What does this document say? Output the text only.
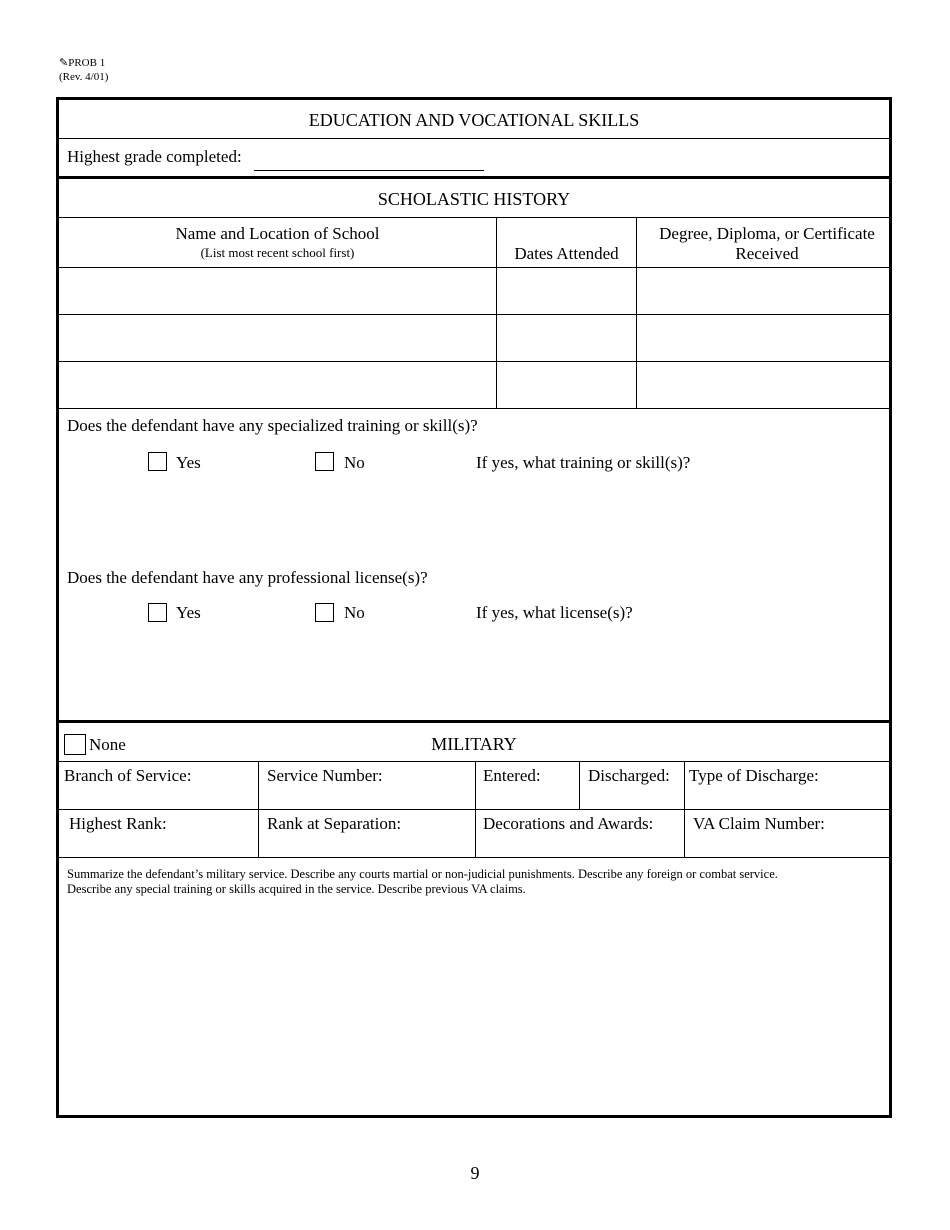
✎PROB 1
(Rev. 4/01)
EDUCATION AND VOCATIONAL SKILLS
Highest grade completed:
SCHOLASTIC HISTORY
Name and Location of School
(List most recent school first)	Dates Attended
Degree, Diploma, or Certificate Received
Does the defendant have any specialized training or skill(s)?
Yes	No	If yes, what training or skill(s)?
Does the defendant have any professional license(s)?
Yes	No	If yes, what license(s)?
None	MILITARY
Branch of Service:	Service Number:	Entered:	Discharged: Type of Discharge:
Highest Rank:	Rank at Separation:	Decorations and Awards: VA Claim Number:
Summarize the defendant’s military service. Describe any courts martial or non-judicial punishments. Describe any foreign or combat service.
Describe any special training or skills acquired in the service. Describe previous VA claims.
9
